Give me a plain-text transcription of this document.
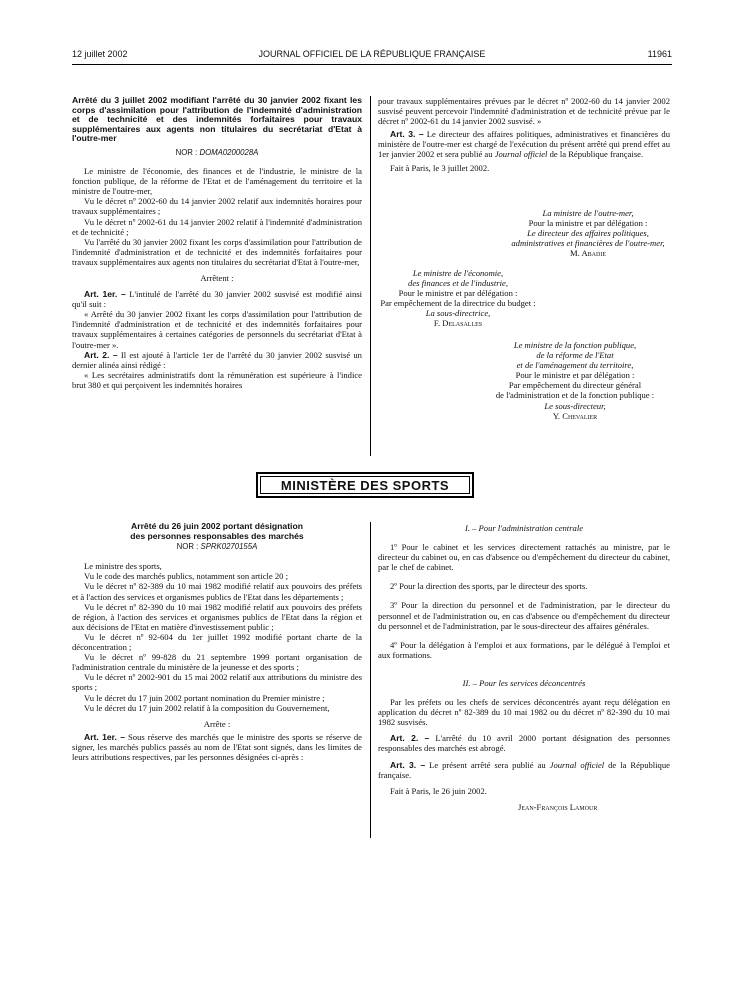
12 juillet 2002	JOURNAL OFFICIEL DE LA RÉPUBLIQUE FRANÇAISE	11961

Arrêté du 3 juillet 2002 modifiant l'arrêté du 30 janvier 2002 fixant les corps d'assimilation pour l'attribution de l'indemnité d'administration et de technicité et des indemnités forfaitaires pour travaux supplémentaires aux agents non titulaires du secrétariat d'Etat à l'outre-mer

NOR : DOMA0200028A

Le ministre de l'économie, des finances et de l'industrie, le ministre de la fonction publique, de la réforme de l'Etat et de l'aménagement du territoire et la ministre de l'outre-mer,

Vu le décret nº 2002-60 du 14 janvier 2002 relatif aux indemnités horaires pour travaux supplémentaires ;

Vu le décret nº 2002-61 du 14 janvier 2002 relatif à l'indemnité d'administration et de technicité ;

Vu l'arrêté du 30 janvier 2002 fixant les corps d'assimilation pour l'attribution de l'indemnité d'administration et de technicité et des indemnités forfaitaires pour travaux supplémentaires aux agents non titulaires du secrétariat d'Etat à l'outre-mer,

Arrêtent :

Art. 1er. – L'intitulé de l'arrêté du 30 janvier 2002 susvisé est modifié ainsi qu'il suit :

« Arrêté du 30 janvier 2002 fixant les corps d'assimilation pour l'attribution de l'indemnité d'administration et de technicité et des indemnités forfaitaires pour travaux supplémentaires à certaines catégories de personnels du secrétariat d'Etat à l'outre-mer ».

Art. 2. – Il est ajouté à l'article 1er de l'arrêté du 30 janvier 2002 susvisé un dernier alinéa ainsi rédigé :

« Les secrétaires administratifs dont la rémunération est supérieure à l'indice brut 380 et qui perçoivent les indemnités horaires

pour travaux supplémentaires prévues par le décret nº 2002-60 du 14 janvier 2002 susvisé peuvent percevoir l'indemnité d'administration et de technicité prévue par le décret nº 2002-61 du 14 janvier 2002 susvisé. »

Art. 3. – Le directeur des affaires politiques, administratives et financières du ministère de l'outre-mer est chargé de l'exécution du présent arrêté qui prend effet au 1er janvier 2002 et sera publié au Journal officiel de la République française.

Fait à Paris, le 3 juillet 2002.

La ministre de l'outre-mer,
Pour la ministre et par délégation :
Le directeur des affaires politiques,
administratives et financières de l'outre-mer,
M. Abadie
Le ministre de l'économie,
des finances et de l'industrie,
Pour le ministre et par délégation :
Par empêchement de la directrice du budget :
La sous-directrice,
F. Delasalles
Le ministre de la fonction publique,
de la réforme de l'Etat
et de l'aménagement du territoire,
Pour le ministre et par délégation :
Par empêchement du directeur général
de l'administration et de la fonction publique :
Le sous-directeur,
Y. Chevalier
MINISTÈRE DES SPORTS

Arrêté du 26 juin 2002 portant désignation

des personnes responsables des marchés

NOR : SPRK0270155A

Le ministre des sports,

Vu le code des marchés publics, notamment son article 20 ;

Vu le décret nº 82-389 du 10 mai 1982 modifié relatif aux pouvoirs des préfets et à l'action des services et organismes publics de l'Etat dans les départements ;

Vu le décret nº 82-390 du 10 mai 1982 modifié relatif aux pouvoirs des préfets de région, à l'action des services et organismes publics de l'Etat dans la région et aux décisions de l'Etat en matière d'investissement public ;

Vu le décret nº 92-604 du 1er juillet 1992 modifié portant charte de la déconcentration ;

Vu le décret nº 99-828 du 21 septembre 1999 portant organisation de l'administration centrale du ministère de la jeunesse et des sports ;

Vu le décret nº 2002-901 du 15 mai 2002 relatif aux attributions du ministre des sports ;

Vu le décret du 17 juin 2002 portant nomination du Premier ministre ;

Vu le décret du 17 juin 2002 relatif à la composition du Gouvernement,

Arrête :

Art. 1er. – Sous réserve des marchés que le ministre des sports se réserve de signer, les marchés publics passés au nom de l'Etat sont signés, dans les limites de leurs attributions respectives, par les personnes désignées ci-après :

I. – Pour l'administration centrale

1º Pour le cabinet et les services directement rattachés au ministre, par le directeur du cabinet ou, en cas d'absence ou d'empêchement du directeur du cabinet, par le chef de cabinet.

2º Pour la direction des sports, par le directeur des sports.

3º Pour la direction du personnel et de l'administration, par le directeur du personnel et de l'administration ou, en cas d'absence ou d'empêchement du directeur du personnel et de l'administration, par le sous-directeur des affaires générales.

4º Pour la délégation à l'emploi et aux formations, par le délégué à l'emploi et aux formations.

II. – Pour les services déconcentrés

Par les préfets ou les chefs de services déconcentrés ayant reçu délégation en application du décret nº 82-389 du 10 mai 1982 ou du décret nº 82-390 du 10 mai 1982 susvisés.

Art. 2. – L'arrêté du 10 avril 2000 portant désignation des personnes responsables des marchés est abrogé.

Art. 3. – Le présent arrêté sera publié au Journal officiel de la République française.

Fait à Paris, le 26 juin 2002.

Jean-François Lamour
